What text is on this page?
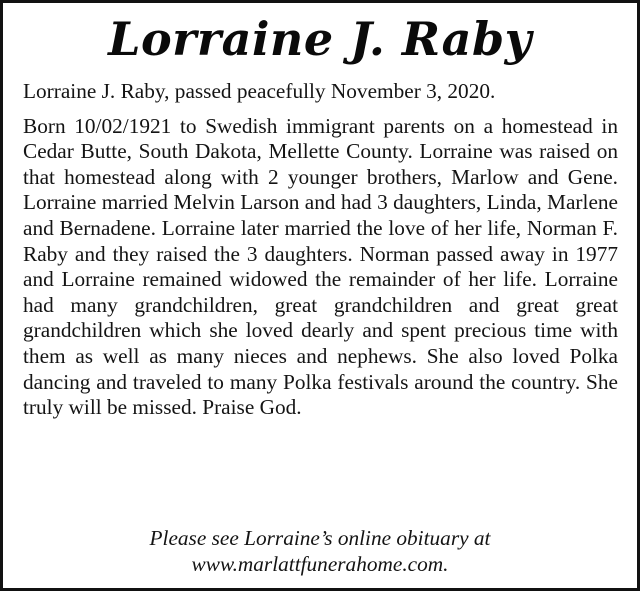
Lorraine J. Raby

Lorraine J. Raby, passed peacefully November 3, 2020.

Born 10/02/1921 to Swedish immigrant parents on a homestead in Cedar Butte, South Dakota, Mellette County. Lorraine was raised on that homestead along with 2 younger brothers, Marlow and Gene. Lorraine married Melvin Larson and had 3 daughters, Linda, Marlene and Bernadene. Lorraine later married the love of her life, Norman F. Raby and they raised the 3 daughters. Norman passed away in 1977 and Lorraine remained widowed the remainder of her life. Lorraine had many grandchildren, great grandchildren and great great grandchildren which she loved dearly and spent precious time with them as well as many nieces and nephews. She also loved Polka dancing and traveled to many Polka festivals around the country. She truly will be missed. Praise God.

Please see Lorraine’s online obituary at
www.marlattfunerahome.com.
